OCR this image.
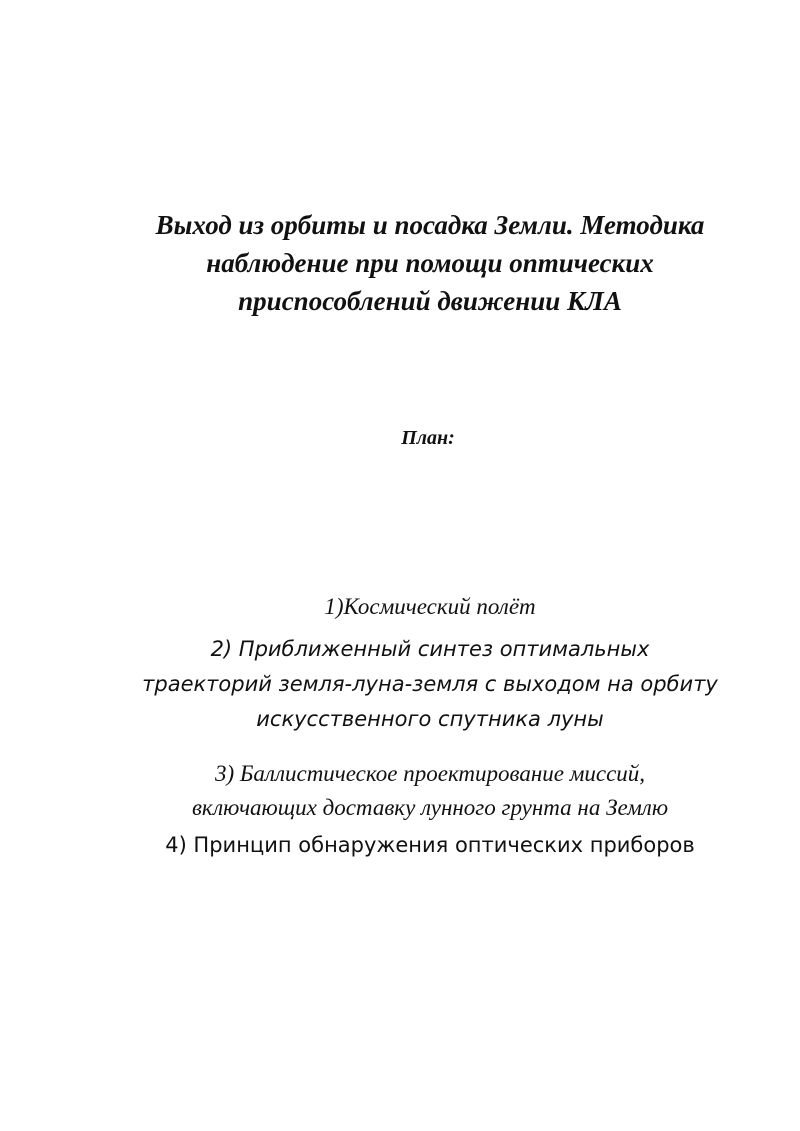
Выход из орбиты и посадка Земли. Методика
наблюдение при помощи оптических
приспособлений движении КЛА
План:
1)Космический полёт
2) Приближенный синтез оптимальных
траекторий земля-луна-земля с выходом на орбиту
искусственного спутника луны
3) Баллистическое проектирование миссий,
включающих доставку лунного грунта на Землю
4) Принцип обнаружения оптических приборов
